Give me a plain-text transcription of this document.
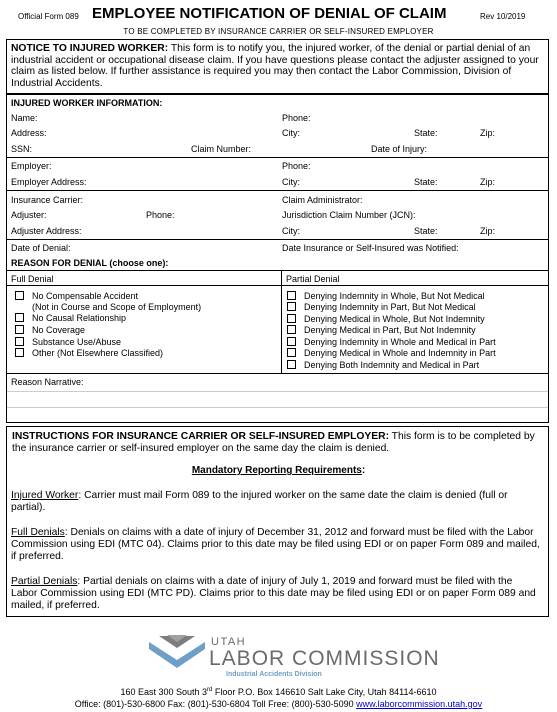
Official Form 089 EMPLOYEE NOTIFICATION OF DENIAL OF CLAIM	Rev 10/2019
TO BE COMPLETED BY INSURANCE CARRIER OR SELF-INSURED EMPLOYER

NOTICE TO INJURED WORKER: This form is to notify you, the injured worker, of the denial or partial denial of an industrial accident or occupational disease claim. If you have questions please contact the adjuster assigned to your claim as listed below. If further assistance is required you may then contact the Labor Commission, Division of Industrial Accidents.

INJURED WORKER INFORMATION:
Name:	Phone:
Address:	City:	State:	Zip:
SSN:	Claim Number:	Date of Injury:
Employer:	Phone:
Employer Address:	City:	State:	Zip:
Insurance Carrier:	Claim Administrator:
Adjuster:	Phone:	Jurisdiction Claim Number (JCN):
Adjuster Address:	City:	State:	Zip:
Date of Denial:	Date Insurance or Self-Insured was Notified:
REASON FOR DENIAL (choose one):
Full Denial	Partial Denial
No Compensable Accident
(Not in Course and Scope of Employment)
No Causal Relationship
No Coverage
Substance Use/Abuse
Other (Not Elsewhere Classified)
Denying Indemnity in Whole, But Not Medical
Denying Indemnity in Part, But Not Medical
Denying Medical in Whole, But Not Indemnity
Denying Medical in Part, But Not Indemnity
Denying Indemnity in Whole and Medical in Part
Denying Medical in Whole and Indemnity in Part
Denying Both Indemnity and Medical in Part
Reason Narrative:

INSTRUCTIONS FOR INSURANCE CARRIER OR SELF-INSURED EMPLOYER: This form is to be completed by the insurance carrier or self-insured employer on the same day the claim is denied.

Mandatory Reporting Requirements:

Injured Worker: Carrier must mail Form 089 to the injured worker on the same date the claim is denied (full or partial).

Full Denials: Denials on claims with a date of injury of December 31, 2012 and forward must be filed with the Labor Commission using EDI (MTC 04). Claims prior to this date may be filed using EDI or on paper Form 089 and mailed, if preferred.

Partial Denials: Partial denials on claims with a date of injury of July 1, 2019 and forward must be filed with the Labor Commission using EDI (MTC PD). Claims prior to this date may be filed using EDI or on paper Form 089 and mailed, if preferred.

UTAH
LABOR COMMISSION
Industrial Accidents Division
160 East 300 South 3rd Floor P.O. Box 146610 Salt Lake City, Utah 84114-6610
Office: (801)-530-6800 Fax: (801)-530-6804 Toll Free: (800)-530-5090 www.laborcommission.utah.gov
